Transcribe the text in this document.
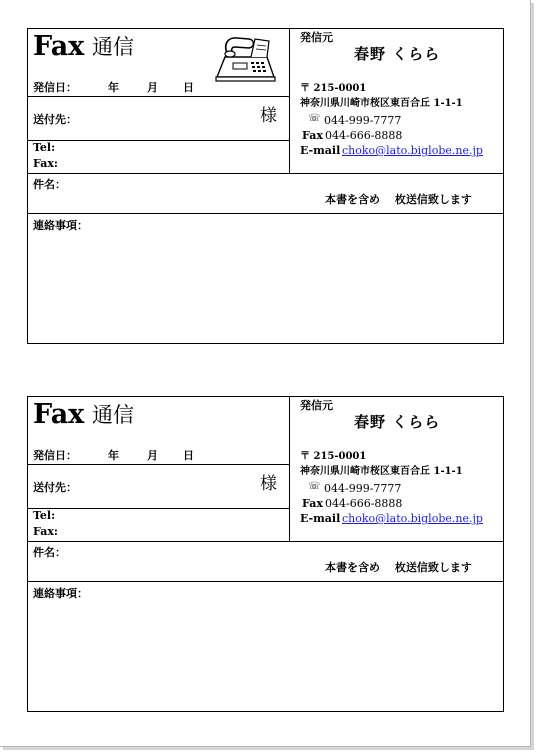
Fax 通信
発信日：	年	月 日
送付先：	様
Tel:
Fax:
発信元
春野 くらら
〒 215-0001
神奈川県川崎市桜区東百合丘 1-1-1
☏ 044-999-7777
Fax 044-666-8888
E-mail choko@lato.biglobe.ne.jp
件名：
本書を含め　 枚送信致します
連絡事項：
Fax 通信
発信日：	年	月 日
送付先：	様
Tel:
Fax:
発信元
春野 くらら
〒 215-0001
神奈川県川崎市桜区東百合丘 1-1-1
☏ 044-999-7777
Fax 044-666-8888
E-mail choko@lato.biglobe.ne.jp
件名：
本書を含め　 枚送信致します
連絡事項：
